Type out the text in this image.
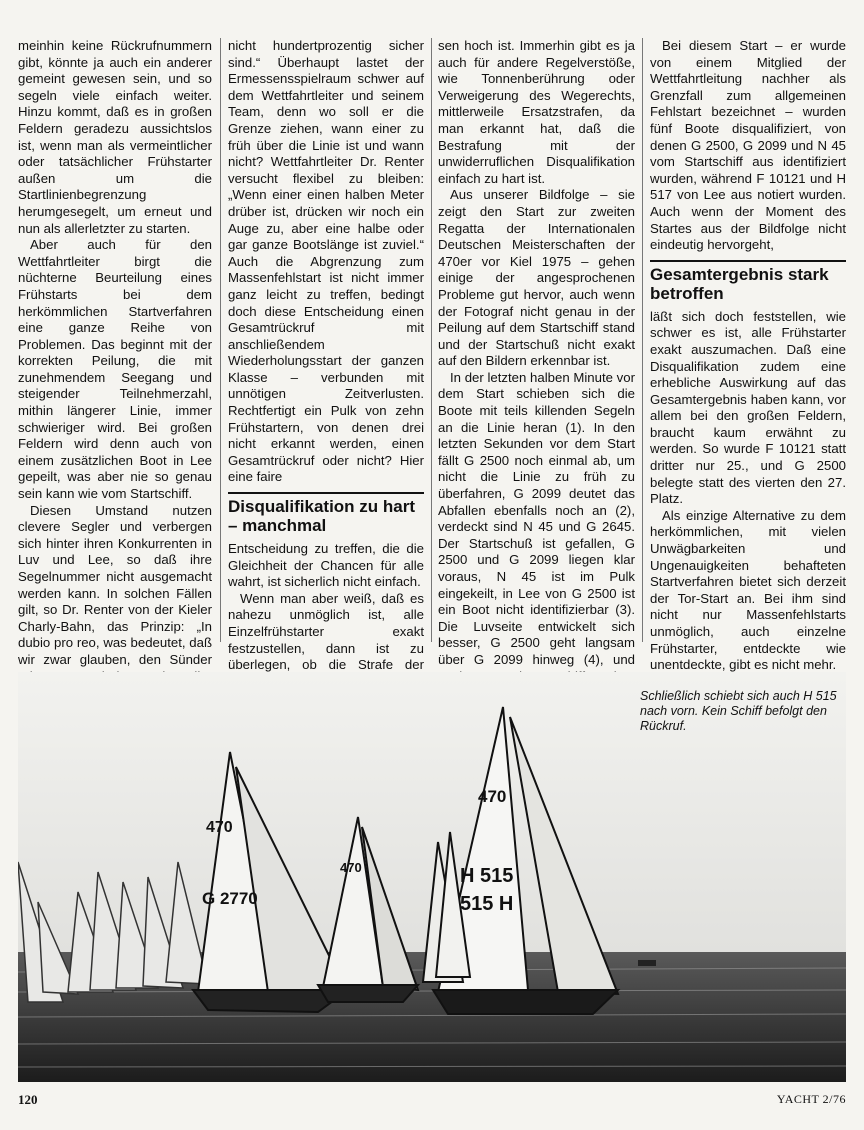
meinhin keine Rückrufnummern gibt, könnte ja auch ein anderer gemeint gewesen sein, und so segeln viele einfach weiter. Hinzu kommt, daß es in großen Feldern geradezu aussichtslos ist, wenn man als vermeintlicher oder tatsächlicher Frühstarter außen um die Startlinienbegrenzung herumgesegelt, um erneut und nun als allerletzter zu starten.

Aber auch für den Wettfahrtleiter birgt die nüchterne Beurteilung eines Frühstarts bei dem herkömmlichen Startverfahren eine ganze Reihe von Problemen. Das beginnt mit der korrekten Peilung, die mit zunehmendem Seegang und steigender Teilnehmerzahl, mithin längerer Linie, immer schwieriger wird. Bei großen Feldern wird denn auch von einem zusätzlichen Boot in Lee gepeilt, was aber nie so genau sein kann wie vom Startschiff.

Diesen Umstand nutzen clevere Segler und verbergen sich hinter ihren Konkurrenten in Luv und Lee, so daß ihre Segelnummer nicht ausgemacht werden kann. In solchen Fällen gilt, so Dr. Renter von der Kieler Charly-Bahn, das Prinzip: „In dubio pro reo, was bedeutet, daß wir zwar glauben, den Sünder

nicht hundertprozentig sicher sind.“ Überhaupt lastet der Ermessensspielraum schwer auf dem Wettfahrtleiter und seinem Team, denn wo soll er die Grenze ziehen, wann einer zu früh über die Linie ist und wann nicht? Wettfahrtleiter Dr. Renter versucht flexibel zu bleiben: „Wenn einer einen halben Meter drüber ist, drücken wir noch ein Auge zu, aber eine halbe oder gar ganze Bootslänge ist zuviel.“ Auch die Abgrenzung zum Massenfehlstart ist nicht immer ganz leicht zu treffen, bedingt doch diese Entscheidung einen Gesamtrückruf mit anschließendem Wiederholungsstart der ganzen Klasse – verbunden mit unnötigen Zeitverlusten. Rechtfertigt ein Pulk von zehn Frühstartern, von denen drei nicht erkannt werden, einen Gesamtrückruf oder nicht? Hier eine faire

Disqualifikation zu hart – manchmal

Entscheidung zu treffen, die die Gleichheit der Chancen für alle wahrt, ist sicherlich nicht einfach.

Wenn man aber weiß, daß es nahezu unmöglich ist, alle Einzelfrühstarter exakt festzustellen, dann ist zu überlegen, ob die Strafe der

sen hoch ist. Immerhin gibt es ja auch für andere Regelverstöße, wie Tonnenberührung oder Verweigerung des Wegerechts, mittlerweile Ersatzstrafen, da man erkannt hat, daß die Bestrafung mit der unwiderruflichen Disqualifikation einfach zu hart ist.

Aus unserer Bildfolge – sie zeigt den Start zur zweiten Regatta der Internationalen Deutschen Meisterschaften der 470er vor Kiel 1975 – gehen einige der angesprochenen Probleme gut hervor, auch wenn der Fotograf nicht genau in der Peilung auf dem Startschiff stand und der Startschuß nicht exakt auf den Bildern erkennbar ist.

In der letzten halben Minute vor dem Start schieben sich die Boote mit teils killenden Segeln an die Linie heran (1). In den letzten Sekunden vor dem Start fällt G 2500 noch einmal ab, um nicht die Linie zu früh zu überfahren, G 2099 deutet das Abfallen ebenfalls noch an (2), verdeckt sind N 45 und G 2645. Der Startschuß ist gefallen, G 2500 und G 2099 liegen klar voraus, N 45 ist im Pulk eingekeilt, in Lee von G 2500 ist ein Boot nicht identifizierbar (3). Die Luvseite entwickelt sich besser, G 2500 geht langsam über G 2099 hinweg (4), und

Bei diesem Start – er wurde von einem Mitglied der Wettfahrtleitung nachher als Grenzfall zum allgemeinen Fehlstart bezeichnet – wurden fünf Boote disqualifiziert, von denen G 2500, G 2099 und N 45 vom Startschiff aus identifiziert wurden, während F 10121 und H 517 von Lee aus notiert wurden. Auch wenn der Moment des Startes aus der Bildfolge nicht eindeutig hervorgeht,

Gesamtergebnis stark betroffen

läßt sich doch feststellen, wie schwer es ist, alle Frühstarter exakt auszumachen. Daß eine Disqualifikation zudem eine erhebliche Auswirkung auf das Gesamtergebnis haben kann, vor allem bei den großen Feldern, braucht kaum erwähnt zu werden. So wurde F 10121 statt dritter nur 25., und G 2500 belegte statt des vierten den 27. Platz.

Als einzige Alternative zu dem herkömmlichen, mit vielen Unwägbarkeiten und Ungenauigkeiten behafteten Startverfahren bietet sich derzeit der Tor-Start an. Bei ihm sind nicht nur Massenfehlstarts unmöglich, auch einzelne Frühstarter, entdeckte wie unentdeckte, gibt es nicht mehr.

470
G 2770
470
470
H 515
515 H
Schließlich schiebt sich auch H 515 nach vorn. Kein Schiff befolgt den Rückruf.
120	YACHT 2/76
